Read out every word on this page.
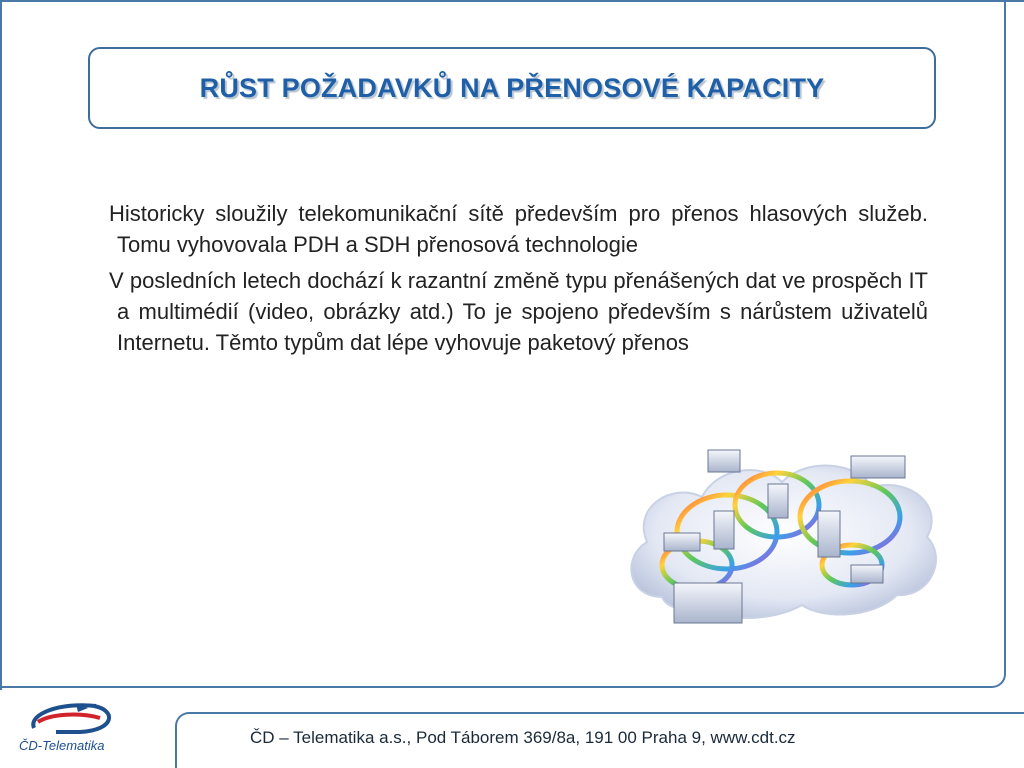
RŮST POŽADAVKŮ NA PŘENOSOVÉ KAPACITY

Historicky sloužily telekomunikační sítě především pro přenos hlasových služeb. Tomu vyhovovala PDH a SDH přenosová technologie

V posledních letech dochází k razantní změně typu přenášených dat ve prospěch IT a multimédií (video, obrázky atd.) To je spojeno především s nárůstem uživatelů Internetu. Těmto typům dat lépe vyhovuje paketový přenos

ČD – Telematika a.s., Pod Táborem 369/8a, 191 00 Praha 9, www.cdt.cz
ČD-Telematika
